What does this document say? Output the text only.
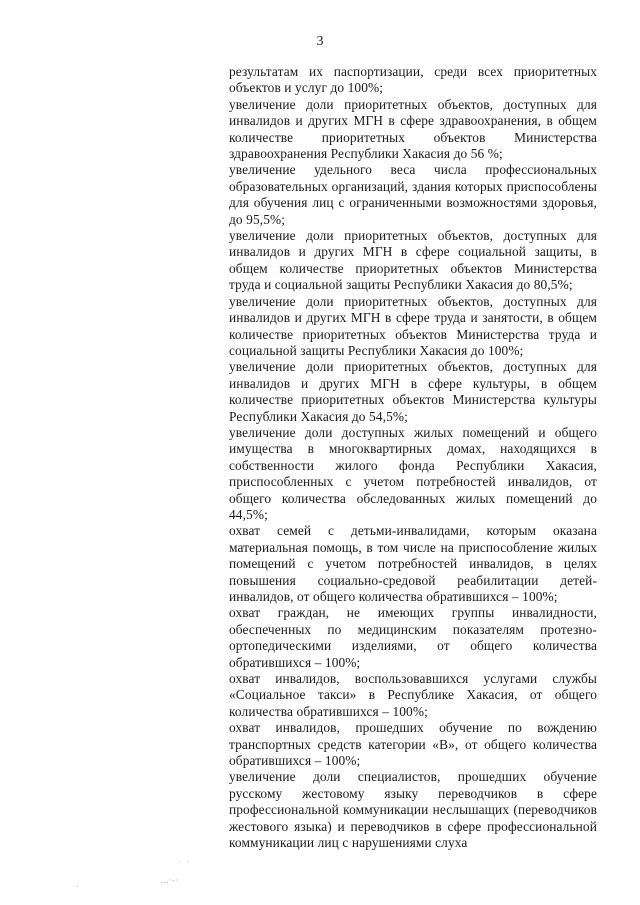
3

результатам их паспортизации, среди всех приоритетных объектов и услуг до 100%;

увеличение доли приоритетных объектов, доступных для инвалидов и других МГН в сфере здравоохранения, в общем количестве приоритетных объектов Министерства здравоохранения Республики Хакасия до 56 %;

увеличение удельного веса числа профессиональных образовательных организаций, здания которых приспособлены для обучения лиц с ограниченными возможностями здоровья, до 95,5%;

увеличение доли приоритетных объектов, доступных для инвалидов и других МГН в сфере социальной защиты, в общем количестве приоритетных объектов Министерства труда и социальной защиты Республики Хакасия до 80,5%;

увеличение доли приоритетных объектов, доступных для инвалидов и других МГН в сфере труда и занятости, в общем количестве приоритетных объектов Министерства труда и социальной защиты Республики Хакасия до 100%;

увеличение доли приоритетных объектов, доступных для инвалидов и других МГН в сфере культуры, в общем количестве приоритетных объектов Министерства культуры Республики Хакасия до 54,5%;

увеличение доли доступных жилых помещений и общего имущества в многоквартирных домах, находящихся в собственности жилого фонда Республики Хакасия, приспособленных с учетом потребностей инвалидов, от общего количества обследованных жилых помещений до 44,5%;

охват семей с детьми-инвалидами, которым оказана материальная помощь, в том числе на приспособление жилых помещений с учетом потребностей инвалидов, в целях повышения социально-средовой реабилитации детей-инвалидов, от общего количества обратившихся – 100%;

охват граждан, не имеющих группы инвалидности, обеспеченных по медицинским показателям протезно-ортопедическими изделиями, от общего количества обратившихся – 100%;

охват инвалидов, воспользовавшихся услугами службы «Социальное такси» в Республике Хакасия, от общего количества обратившихся – 100%;

охват инвалидов, прошедших обучение по вождению транспортных средств категории «В», от общего количества обратившихся – 100%;

увеличение доли специалистов, прошедших обучение русскому жестовому языку переводчиков в сфере профессиональной коммуникации неслышащих (переводчиков жестового языка) и переводчиков в сфере профессиональной коммуникации лиц с нарушениями слуха

·  ·
…·-·
.
